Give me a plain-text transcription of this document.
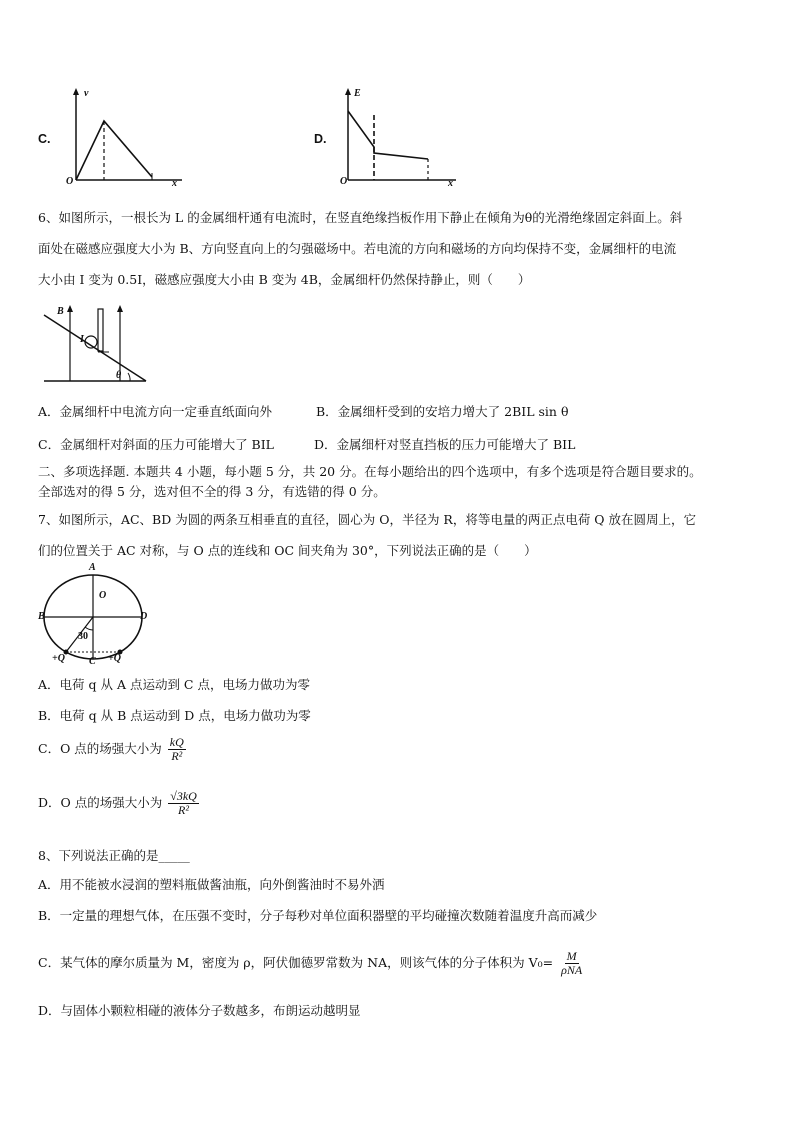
C.
v
x
O
D.
E
x
O
6、如图所示，一根长为 L 的金属细杆通有电流时，在竖直绝缘挡板作用下静止在倾角为θ的光滑绝缘固定斜面上。斜
面处在磁感应强度大小为 B、方向竖直向上的匀强磁场中。若电流的方向和磁场的方向均保持不变，金属细杆的电流
大小由 I 变为 0.5I，磁感应强度大小由 B 变为 4B，金属细杆仍然保持静止，则（　　）
B
I
θ
A．金属细杆中电流方向一定垂直纸面向外	B．金属细杆受到的安培力增大了 2BIL sin θ
C．金属细杆对斜面的压力可能增大了 BIL	D．金属细杆对竖直挡板的压力可能增大了 BIL
二、多项选择题. 本题共 4 小题，每小题 5 分，共 20 分。在每小题给出的四个选项中，有多个选项是符合题目要求的。
全部选对的得 5 分，选对但不全的得 3 分，有选错的得 0 分。
7、如图所示，AC、BD 为圆的两条互相垂直的直径，圆心为 O，半径为 R，将等电量的两正点电荷 Q 放在圆周上，它
们的位置关于 AC 对称，与 O 点的连线和 OC 间夹角为 30°，下列说法正确的是（　　）
A
B	D
O
30
C
+Q	+Q
A．电荷 q 从 A 点运动到 C 点，电场力做功为零
B．电荷 q 从 B 点运动到 D 点，电场力做功为零
C．O 点的场强大小为 $\frac{kQ}{\text{R²}}$
D．O 点的场强大小为 $\frac{√3kQ}{\text{R²}}$
8、下列说法正确的是_____
A．用不能被水浸润的塑料瓶做酱油瓶，向外倒酱油时不易外洒
B．一定量的理想气体，在压强不变时，分子每秒对单位面积器壁的平均碰撞次数随着温度升高而减少
C．某气体的摩尔质量为 M，密度为 ρ，阿伏伽德罗常数为 NA，则该气体的分子体积为 $V_0= \frac{M}{\text{ρNA}}$
D．与固体小颗粒相碰的液体分子数越多，布朗运动越明显
